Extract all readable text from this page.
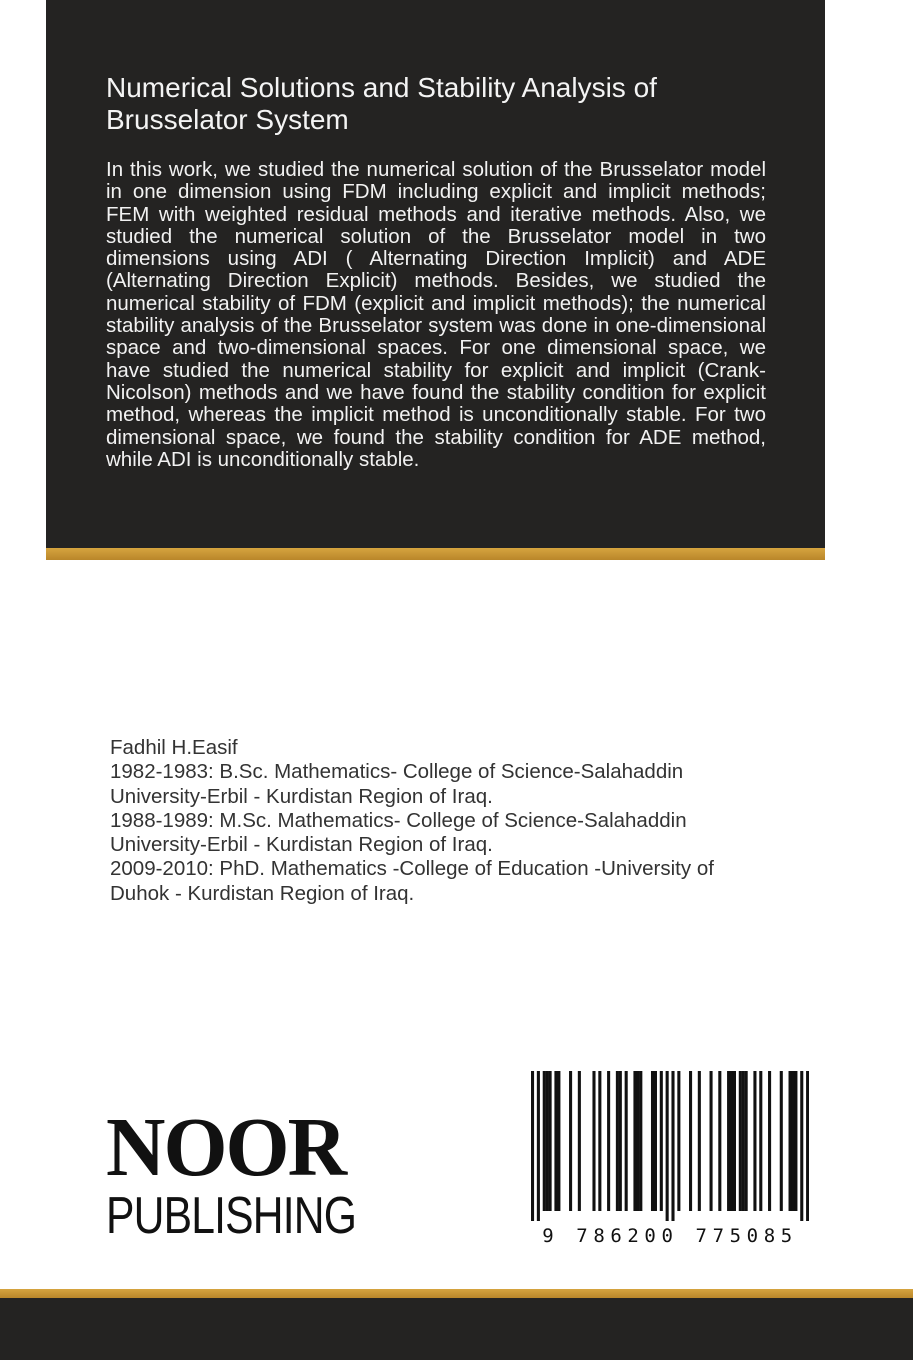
Numerical Solutions and Stability Analysis of Brusselator System

In this work, we studied the numerical solution of the Brusselator model in one dimension using FDM including explicit and implicit methods; FEM with weighted residual methods and iterative methods. Also, we studied the numerical solution of the Brusselator model in two dimensions using ADI ( Alternating Direction Implicit) and ADE (Alternating Direction Explicit) methods. Besides, we studied the numerical stability of FDM (explicit and implicit methods); the numerical stability analysis of the Brusselator system was done in one-dimensional space and two-dimensional spaces. For one dimensional space, we have studied the numerical stability for explicit and implicit (Crank-Nicolson) methods and we have found the stability condition for explicit method, whereas the implicit method is unconditionally stable. For two dimensional space, we found the stability condition for ADE method, while ADI is unconditionally stable.

Fadhil H.Easif
1982-1983: B.Sc. Mathematics- College of Science-Salahaddin
University-Erbil - Kurdistan Region of Iraq.
1988-1989: M.Sc. Mathematics- College of Science-Salahaddin
University-Erbil - Kurdistan Region of Iraq.
2009-2010: PhD. Mathematics -College of Education -University of
Duhok - Kurdistan Region of Iraq.
NOOR
PUBLISHING	9 786200 775085
